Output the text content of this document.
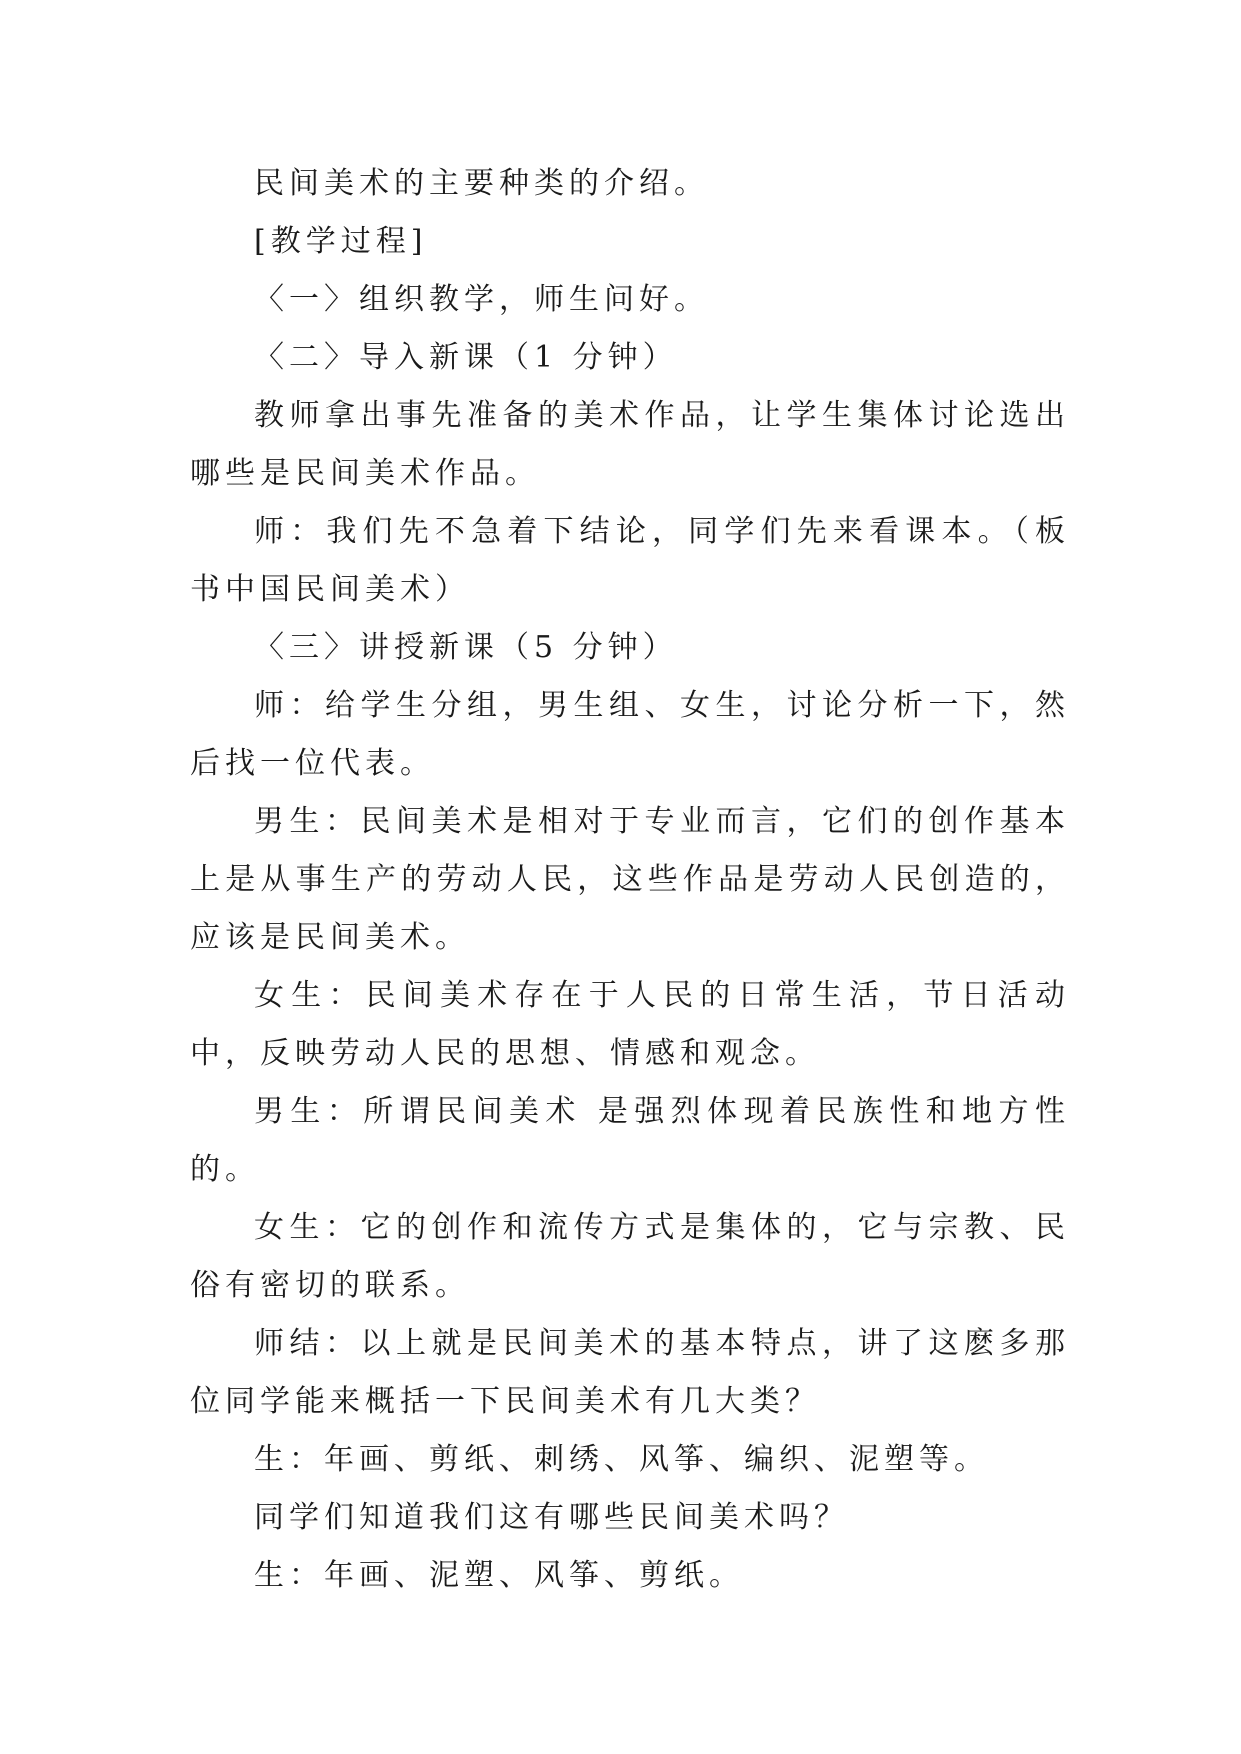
民间美术的主要种类的介绍。

[教学过程]

〈一〉组织教学，师生问好。

〈二〉导入新课（1 分钟）

教师拿出事先准备的美术作品，让学生集体讨论选出哪些是民间美术作品。

师：我们先不急着下结论，同学们先来看课本。（板书中国民间美术）

〈三〉讲授新课（5 分钟）

师：给学生分组，男生组、女生，讨论分析一下，然后找一位代表。

男生：民间美术是相对于专业而言，它们的创作基本上是从事生产的劳动人民，这些作品是劳动人民创造的，应该是民间美术。

女生：民间美术存在于人民的日常生活，节日活动中，反映劳动人民的思想、情感和观念。

男生：所谓民间美术 是强烈体现着民族性和地方性的。

女生：它的创作和流传方式是集体的，它与宗教、民俗有密切的联系。

师结：以上就是民间美术的基本特点，讲了这麽多那位同学能来概括一下民间美术有几大类？

生：年画、剪纸、刺绣、风筝、编织、泥塑等。

同学们知道我们这有哪些民间美术吗？

生：年画、泥塑、风筝、剪纸。
